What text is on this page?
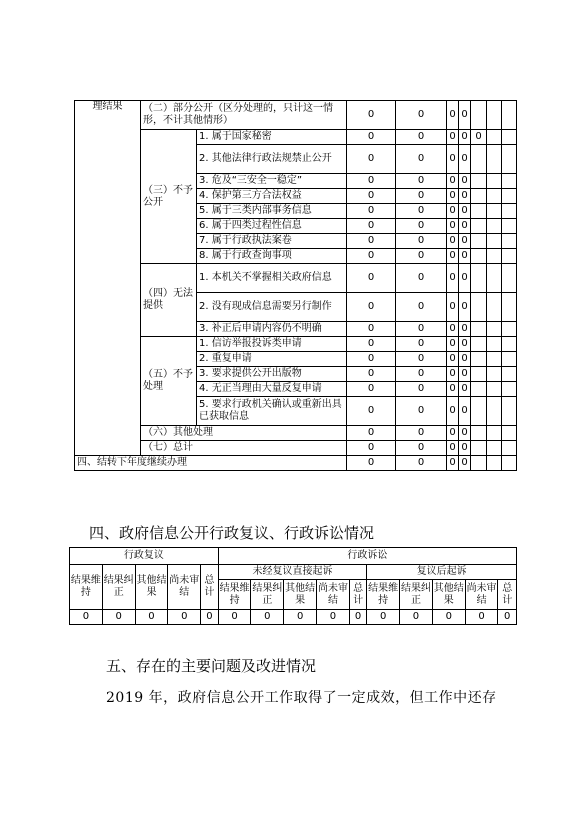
理结果	（二）部分公开（区分处理的，只计这一情形，不计其他情形）		0	0	0	0			
	（三）不予公开	1. 属于国家秘密	0	0	0	0	0		
		2. 其他法律行政法规禁止公开	0	0	0	0			
		3. 危及“三安全一稳定”	0	0	0	0			
		4. 保护第三方合法权益	0	0	0	0			
		5. 属于三类内部事务信息	0	0	0	0			
		6. 属于四类过程性信息	0	0	0	0			
		7. 属于行政执法案卷	0	0	0	0			
		8. 属于行政查询事项	0	0	0	0			
	（四）无法提供	1. 本机关不掌握相关政府信息	0	0	0	0			
		2. 没有现成信息需要另行制作	0	0	0	0			
		3. 补正后申请内容仍不明确	0	0	0	0			
	（五）不予处理	1. 信访举报投诉类申请	0	0	0	0			
		2. 重复申请	0	0	0	0			
		3. 要求提供公开出版物	0	0	0	0			
		4. 无正当理由大量反复申请	0	0	0	0			
		5. 要求行政机关确认或重新出具已获取信息	0	0	0	0			
	（六）其他处理		0	0	0	0			
	（七）总计		0	0	0	0			
四、结转下年度继续办理			0	0	0	0			
四、政府信息公开行政复议、行政诉讼情况
行政复议					行政诉讼									
结果维持	结果纠正	其他结果	尚未审结	总计	未经复议直接起诉					复议后起诉				
					结果维持	结果纠正	其他结果	尚未审结	总计	结果维持	结果纠正	其他结果	尚未审结	总计
0	0	0	0	0	0	0	0	0	0	0	0	0	0	0
五、存在的主要问题及改进情况
2019 年，政府信息公开工作取得了一定成效，但工作中还存
